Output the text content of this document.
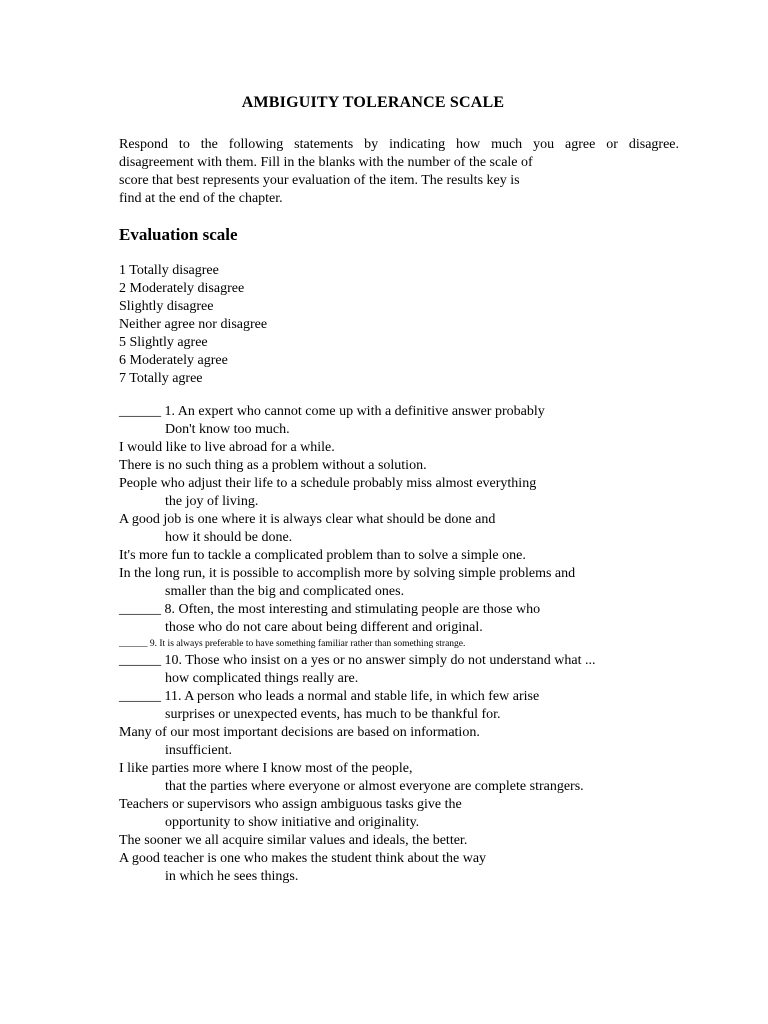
AMBIGUITY TOLERANCE SCALE
Respond to the following statements by indicating how much you agree or disagree.
disagreement with them. Fill in the blanks with the number of the scale of
score that best represents your evaluation of the item. The results key is
find at the end of the chapter.
Evaluation scale
1 Totally disagree
2 Moderately disagree
Slightly disagree
Neither agree nor disagree
5 Slightly agree
6 Moderately agree
7 Totally agree
______ 1. An expert who cannot come up with a definitive answer probably
Don't know too much.
I would like to live abroad for a while.
There is no such thing as a problem without a solution.
People who adjust their life to a schedule probably miss almost everything
the joy of living.
A good job is one where it is always clear what should be done and
how it should be done.
It's more fun to tackle a complicated problem than to solve a simple one.
In the long run, it is possible to accomplish more by solving simple problems and
smaller than the big and complicated ones.
______ 8. Often, the most interesting and stimulating people are those who
those who do not care about being different and original.
______ 9. It is always preferable to have something familiar rather than something strange.
______ 10. Those who insist on a yes or no answer simply do not understand what ...
how complicated things really are.
______ 11. A person who leads a normal and stable life, in which few arise
surprises or unexpected events, has much to be thankful for.
Many of our most important decisions are based on information.
insufficient.
I like parties more where I know most of the people,
that the parties where everyone or almost everyone are complete strangers.
Teachers or supervisors who assign ambiguous tasks give the
opportunity to show initiative and originality.
The sooner we all acquire similar values and ideals, the better.
A good teacher is one who makes the student think about the way
in which he sees things.
